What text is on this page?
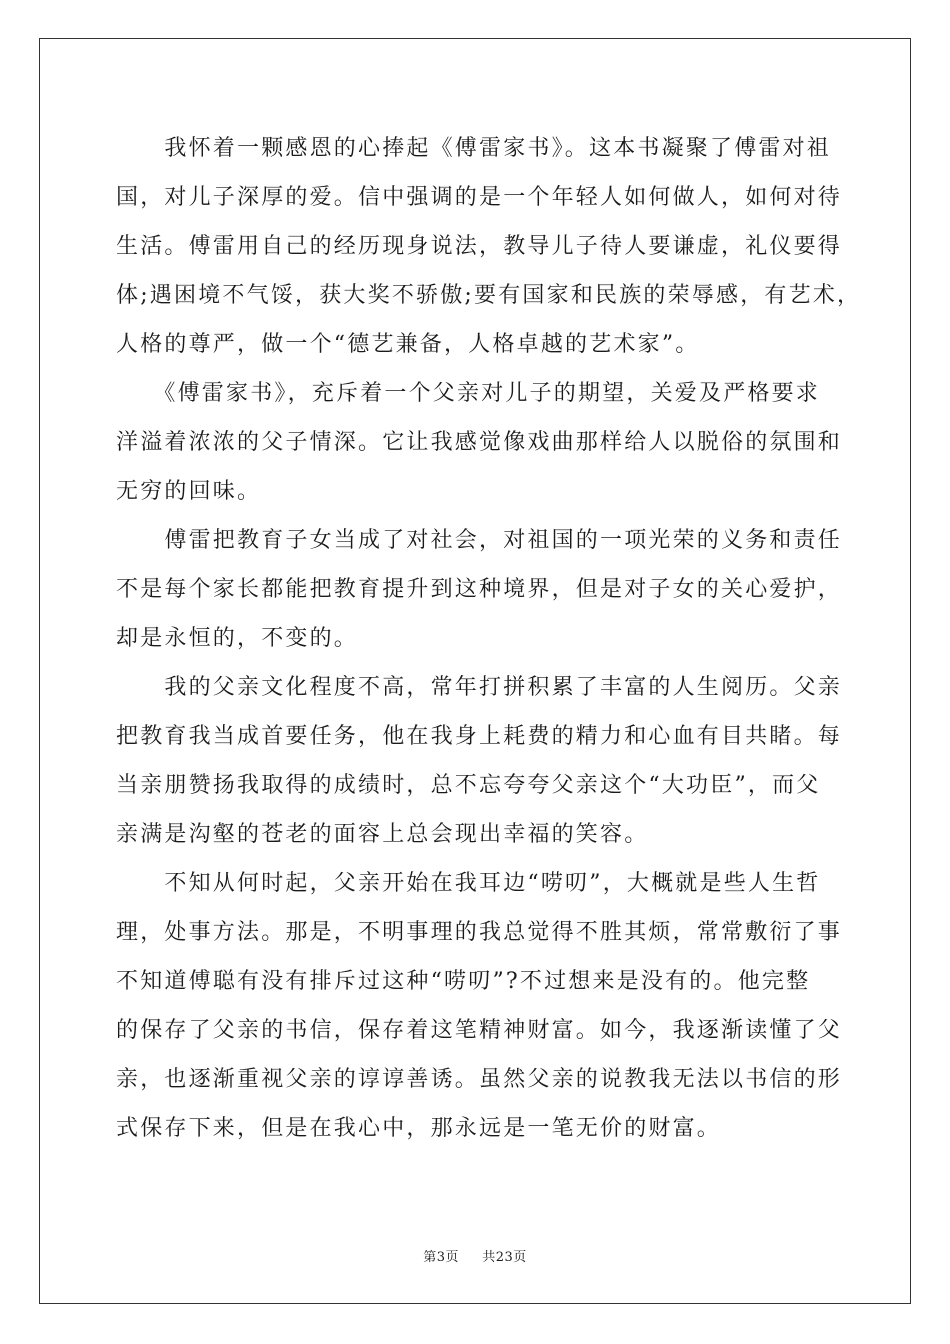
　　我怀着一颗感恩的心捧起《傅雷家书》。这本书凝聚了傅雷对祖
国，对儿子深厚的爱。信中强调的是一个年轻人如何做人，如何对待
生活。傅雷用自己的经历现身说法，教导儿子待人要谦虚，礼仪要得
体;遇困境不气馁，获大奖不骄傲;要有国家和民族的荣辱感，有艺术，
人格的尊严，做一个“德艺兼备，人格卓越的艺术家”。
　　《傅雷家书》，充斥着一个父亲对儿子的期望，关爱及严格要求
洋溢着浓浓的父子情深。它让我感觉像戏曲那样给人以脱俗的氛围和
无穷的回味。
　　傅雷把教育子女当成了对社会，对祖国的一项光荣的义务和责任
不是每个家长都能把教育提升到这种境界，但是对子女的关心爱护，
却是永恒的，不变的。
　　我的父亲文化程度不高，常年打拼积累了丰富的人生阅历。父亲
把教育我当成首要任务，他在我身上耗费的精力和心血有目共睹。每
当亲朋赞扬我取得的成绩时，总不忘夸夸父亲这个“大功臣”，而父
亲满是沟壑的苍老的面容上总会现出幸福的笑容。
　　不知从何时起，父亲开始在我耳边“唠叨”，大概就是些人生哲
理，处事方法。那是，不明事理的我总觉得不胜其烦，常常敷衍了事
不知道傅聪有没有排斥过这种“唠叨”?不过想来是没有的。他完整
的保存了父亲的书信，保存着这笔精神财富。如今，我逐渐读懂了父
亲，也逐渐重视父亲的谆谆善诱。虽然父亲的说教我无法以书信的形
式保存下来，但是在我心中，那永远是一笔无价的财富。
第3页 共23页
